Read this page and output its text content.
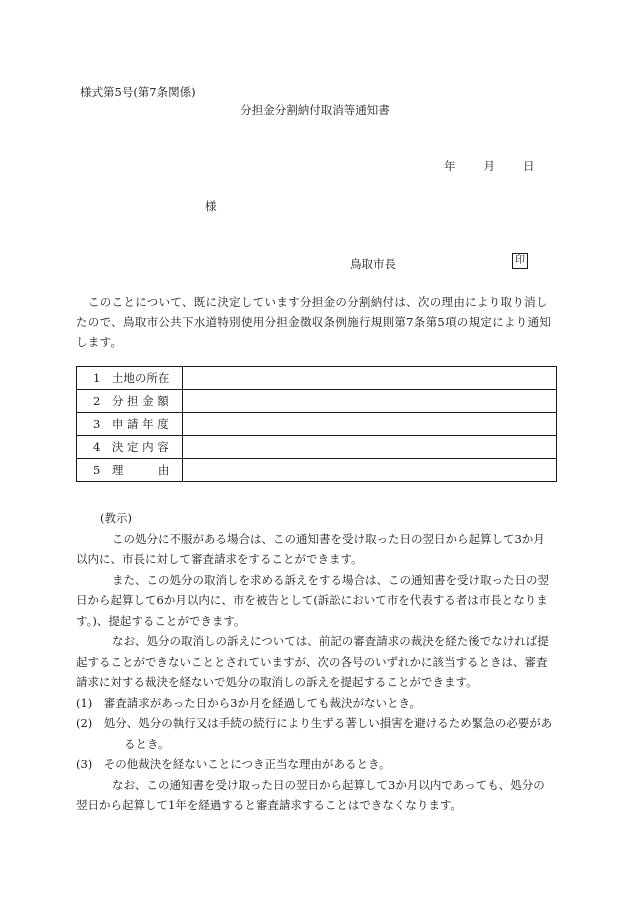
様式第5号(第7条関係)
分担金分割納付取消等通知書
年 月 日
様
鳥取市長	印
このことについて、既に決定しています分担金の分割納付は、次の理由により取り消したので、鳥取市公共下水道特別使用分担金徴収条例施行規則第7条第5項の規定により通知します。
1　土地の所在	
2　分 担 金 額	
3　申 請 年 度	
4　決 定 内 容	
5　理　　　由	
(教示)
この処分に不服がある場合は、この通知書を受け取った日の翌日から起算して3か月以内に、市長に対して審査請求をすることができます。
また、この処分の取消しを求める訴えをする場合は、この通知書を受け取った日の翌日から起算して6か月以内に、市を被告として(訴訟において市を代表する者は市長となります。)、提起することができます。
なお、処分の取消しの訴えについては、前記の審査請求の裁決を経た後でなければ提起することができないこととされていますが、次の各号のいずれかに該当するときは、審査請求に対する裁決を経ないで処分の取消しの訴えを提起することができます。
(1)　審査請求があった日から3か月を経過しても裁決がないとき。
(2)　処分、処分の執行又は手続の続行により生ずる著しい損害を避けるため緊急の必要があるとき。
(3)　その他裁決を経ないことにつき正当な理由があるとき。
なお、この通知書を受け取った日の翌日から起算して3か月以内であっても、処分の翌日から起算して1年を経過すると審査請求することはできなくなります。
